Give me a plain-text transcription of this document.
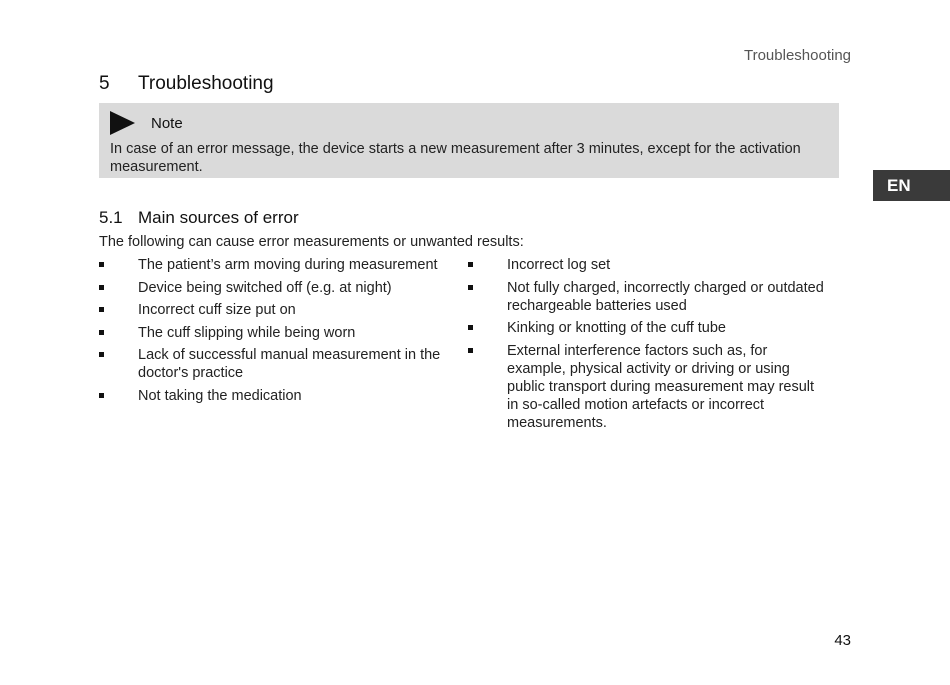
Troubleshooting
5	Troubleshooting
Note
In case of an error message, the device starts a new measurement after 3 minutes, except for the activation measurement.
EN
5.1 Main sources of error
The following can cause error measurements or unwanted results:
The patient’s arm moving during measurement
Device being switched off (e.g. at night)
Incorrect cuff size put on
The cuff slipping while being worn
Lack of successful manual measurement in the doctor's practice
Not taking the medication
Incorrect log set
Not fully charged, incorrectly charged or outdated rechargeable batteries used
Kinking or knotting of the cuff tube
External interference factors such as, for example, physical activity or driving or using public transport during measurement may result in so-called motion artefacts or incorrect measurements.
43
